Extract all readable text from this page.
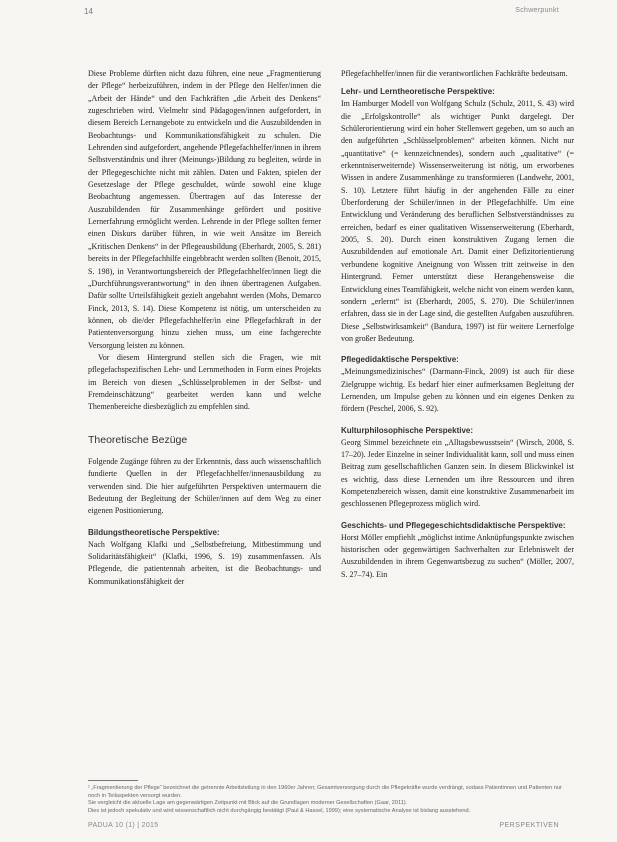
14	Schwerpunkt

Diese Probleme dürften nicht dazu führen, eine neue „Fragmentierung der Pflege“ herbeizuführen, indem in der Pflege den Helfer/innen die „Arbeit der Hände“ und den Fachkräften „die Arbeit des Denkens“ zugeschrieben wird. Vielmehr sind Pädagogen/innen aufgefordert, in diesem Bereich Lernangebote zu entwickeln und die Auszubildenden in Beobachtungs- und Kommunikationsfähigkeit zu schulen. Die Lehrenden sind aufgefordert, angehende Pflegefachhelfer/innen in ihrem Selbstverständnis und ihrer (Meinungs-)Bildung zu begleiten, würde in der Pflegegeschichte nicht mit zählen. Daten und Fakten, spielen der Gesetzeslage der Pflege geschuldet, würde sowohl eine kluge Beobachtung angemessen. Übertragen auf das Interesse der Auszubildenden für Zusammenhänge gefördert und positive Lernerfahrung ermöglicht werden. Lehrende in der Pflege sollten ferner einen Diskurs darüber führen, in wie weit Ansätze im Bereich „Kritischen Denkens“ in der Pflegeausbildung (Eberhardt, 2005, S. 281) bereits in der Pflegefachhilfe eingebbracht werden sollten (Benoit, 2015, S. 198), in Verantwortungsbereich der Pflegefachhelfer/innen liegt die „Durchführungsverantwortung“ in den ihnen übertragenen Aufgaben. Dafür sollte Urteilsfähigkeit gezielt angebahnt werden (Mohs, Demarco Finck, 2013, S. 14). Diese Kompetenz ist nötig, um unterscheiden zu können, ob die/der Pflegefachhelfer/in eine Pflegefachkraft in der Patientenversorgung hinzu ziehen muss, um eine fachgerechte Versorgung leisten zu können.

Vor diesem Hintergrund stellen sich die Fragen, wie mit pflegefachspezifischen Lehr- und Lernmethoden in Form eines Projekts im Bereich von diesen „Schlüsselproblemen in der Selbst- und Fremdeinschätzung“ gearbeitet werden kann und welche Themenbereiche diesbezüglich zu empfehlen sind.

Theoretische Bezüge

Folgende Zugänge führen zu der Erkenntnis, dass auch wissenschaftlich fundierte Quellen in der Pflegefachhelfer/innenausbildung zu verwenden sind. Die hier aufgeführten Perspektiven untermauern die Bedeutung der Begleitung der Schüler/innen auf dem Weg zu einer eigenen Positionierung.

Bildungstheoretische Perspektive:

Nach Wolfgang Klafki und „Selbstbefreiung, Mitbestimmung und Solidaritätsfähigkeit“ (Klafki, 1996, S. 19) zusammenfassen. Als Pflegende, die patientennah arbeiten, ist die Beobachtungs- und Kommunikationsfähigkeit der

Pflegefachhelfer/innen für die verantwortlichen Fachkräfte bedeutsam.

Lehr- und Lerntheoretische Perspektive:

Im Hamburger Modell von Wolfgang Schulz (Schulz, 2011, S. 43) wird die „Erfolgskontrolle“ als wichtiger Punkt dargelegt. Der Schülerorientierung wird ein hoher Stellenwert gegeben, um so auch an den aufgeführten „Schlüsselproblemen“ arbeiten können. Nicht nur „quantitative“ (= kennzeichnendes), sondern auch „qualitative“ (= erkenntniserweiternde) Wissenserweiterung ist nötig, um erworbenes Wissen in andere Zusammenhänge zu transformieren (Landwehr, 2001, S. 10). Letztere führt häufig in der angehenden Fälle zu einer Überforderung der Schüler/innen in der Pflegefachhilfe. Um eine Entwicklung und Veränderung des beruflichen Selbstverständnisses zu erreichen, bedarf es einer qualitativen Wissenserweiterung (Eberhardt, 2005, S. 20). Durch einen konstruktiven Zugang lernen die Auszubildenden auf emotionale Art. Damit einer Defizitorientierung verbundene kognitive Aneignung von Wissen tritt zeitweise in den Hintergrund. Ferner unterstützt diese Herangehensweise die Entwicklung eines Teamfähigkeit, welche nicht von einem werden kann, sondern „erlernt“ ist (Eberhardt, 2005, S. 270). Die Schüler/innen erfahren, dass sie in der Lage sind, die gestellten Aufgaben auszuführen. Diese „Selbstwirksamkeit“ (Bandura, 1997) ist für weitere Lernerfolge von großer Bedeutung.

Pflegedidaktische Perspektive:

„Meinungsmedizinisches“ (Darmann-Finck, 2009) ist auch für diese Zielgruppe wichtig. Es bedarf hier einer aufmerksamen Begleitung der Lernenden, um Impulse geben zu können und ein eigenes Denken zu fördern (Peschel, 2006, S. 92).

Kulturphilosophische Perspektive:

Georg Simmel bezeichnete ein „Alltagsbewusstsein“ (Wirsch, 2008, S. 17–20). Jeder Einzelne in seiner Individualität kann, soll und muss einen Beitrag zum gesellschaftlichen Ganzen sein. In diesem Blickwinkel ist es wichtig, dass diese Lernenden um ihre Ressourcen und ihren Kompetenzbereich wissen, damit eine konstruktive Zusammenarbeit im geschlossenen Pflegeprozess möglich wird.

Geschichts- und Pflegegeschichtsdidaktische Perspektive:

Horst Möller empfiehlt „möglichst intime Anknüpfungspunkte zwischen historischen oder gegenwärtigen Sachverhalten zur Erlebniswelt der Auszubildenden in ihrem Gegenwartsbezug zu suchen“ (Möller, 2007, S. 27–74). Ein

¹ „Fragmentierung der Pflege“ bezeichnet die getrennte Arbeitsteilung in den 1960er Jahren; Gesamtversorgung durch die Pflegekräfte wurde verdrängt, sodass Patientinnen und Patienten nur noch in Teilaspekten versorgt wurden.
Sie vergleicht die aktuelle Lage am gegenwärtigen Zeitpunkt mit Blick auf die Grundlagen moderner Gesellschaften (Gaar, 2011).
Dies ist jedoch spekulativ und wird wissenschaftlich nicht durchgängig bestätigt (Paul & Hassel, 1999); eine systematische Analyse ist bislang ausstehend.
PADUA 10 (1) | 2015	PERSPEKTIVEN
